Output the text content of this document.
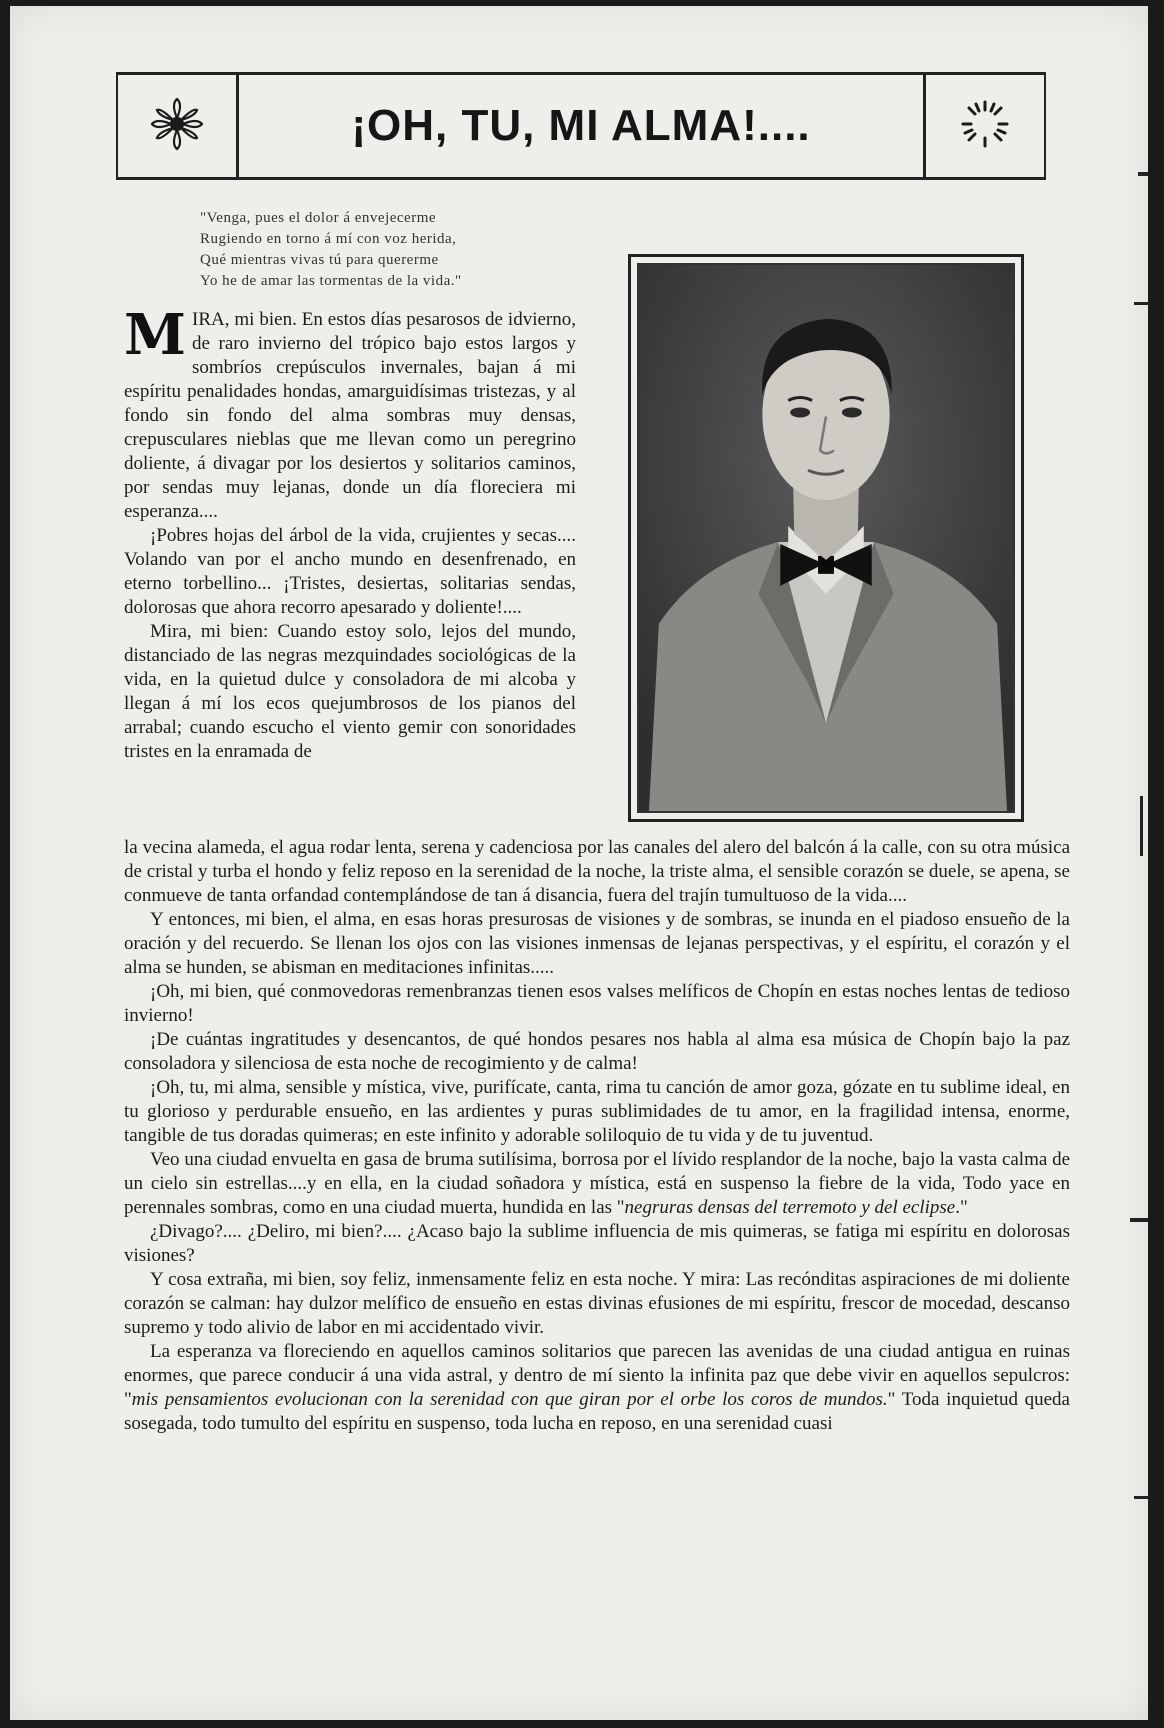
¡OH, TU, MI ALMA!....
"Venga, pues el dolor á envejecerme
Rugiendo en torno á mí con voz herida,
Qué mientras vivas tú para quererme
Yo he de amar las tormentas de la vida."

MIRA, mi bien. En estos días pesarosos de idvierno, de raro invierno del trópico bajo estos largos y sombríos crepúsculos invernales, bajan á mi espíritu penalidades hondas, amarguidísimas tristezas, y al fondo sin fondo del alma sombras muy densas, crepusculares nieblas que me llevan como un peregrino doliente, á divagar por los desiertos y solitarios caminos, por sendas muy lejanas, donde un día floreciera mi esperanza....

¡Pobres hojas del árbol de la vida, crujientes y secas.... Volando van por el ancho mundo en desenfrenado, en eterno torbellino... ¡Tristes, desiertas, solitarias sendas, dolorosas que ahora recorro apesarado y doliente!....

Mira, mi bien: Cuando estoy solo, lejos del mundo, distanciado de las negras mezquindades sociológicas de la vida, en la quietud dulce y consoladora de mi alcoba y llegan á mí los ecos quejumbrosos de los pianos del arrabal; cuando escucho el viento gemir con sonoridades tristes en la enramada de

la vecina alameda, el agua rodar lenta, serena y cadenciosa por las canales del alero del balcón á la calle, con su otra música de cristal y turba el hondo y feliz reposo en la serenidad de la noche, la triste alma, el sensible corazón se duele, se apena, se conmueve de tanta orfandad contemplándose de tan á disancia, fuera del trajín tumultuoso de la vida....

Y entonces, mi bien, el alma, en esas horas presurosas de visiones y de sombras, se inunda en el piadoso ensueño de la oración y del recuerdo. Se llenan los ojos con las visiones inmensas de lejanas perspectivas, y el espíritu, el corazón y el alma se hunden, se abisman en meditaciones infinitas.....

¡Oh, mi bien, qué conmovedoras remenbranzas tienen esos valses melíficos de Chopín en estas noches lentas de tedioso invierno!

¡De cuántas ingratitudes y desencantos, de qué hondos pesares nos habla al alma esa música de Chopín bajo la paz consoladora y silenciosa de esta noche de recogimiento y de calma!

¡Oh, tu, mi alma, sensible y mística, vive, purifícate, canta, rima tu canción de amor goza, gózate en tu sublime ideal, en tu glorioso y perdurable ensueño, en las ardientes y puras sublimidades de tu amor, en la fragilidad intensa, enorme, tangible de tus doradas quimeras; en este infinito y adorable soliloquio de tu vida y de tu juventud.

Veo una ciudad envuelta en gasa de bruma sutilísima, borrosa por el lívido resplandor de la noche, bajo la vasta calma de un cielo sin estrellas....y en ella, en la ciudad soñadora y mística, está en suspenso la fiebre de la vida, Todo yace en perennales sombras, como en una ciudad muerta, hundida en las "negruras densas del terremoto y del eclipse."

¿Divago?.... ¿Deliro, mi bien?.... ¿Acaso bajo la sublime influencia de mis quimeras, se fatiga mi espíritu en dolorosas visiones?

Y cosa extraña, mi bien, soy feliz, inmensamente feliz en esta noche. Y mira: Las recónditas aspiraciones de mi doliente corazón se calman: hay dulzor melífico de ensueño en estas divinas efusiones de mi espíritu, frescor de mocedad, descanso supremo y todo alivio de labor en mi accidentado vivir.

La esperanza va floreciendo en aquellos caminos solitarios que parecen las avenidas de una ciudad antigua en ruinas enormes, que parece conducir á una vida astral, y dentro de mí siento la infinita paz que debe vivir en aquellos sepulcros: "mis pensamientos evolucionan con la serenidad con que giran por el orbe los coros de mundos." Toda inquietud queda sosegada, todo tumulto del espíritu en suspenso, toda lucha en reposo, en una serenidad cuasi
